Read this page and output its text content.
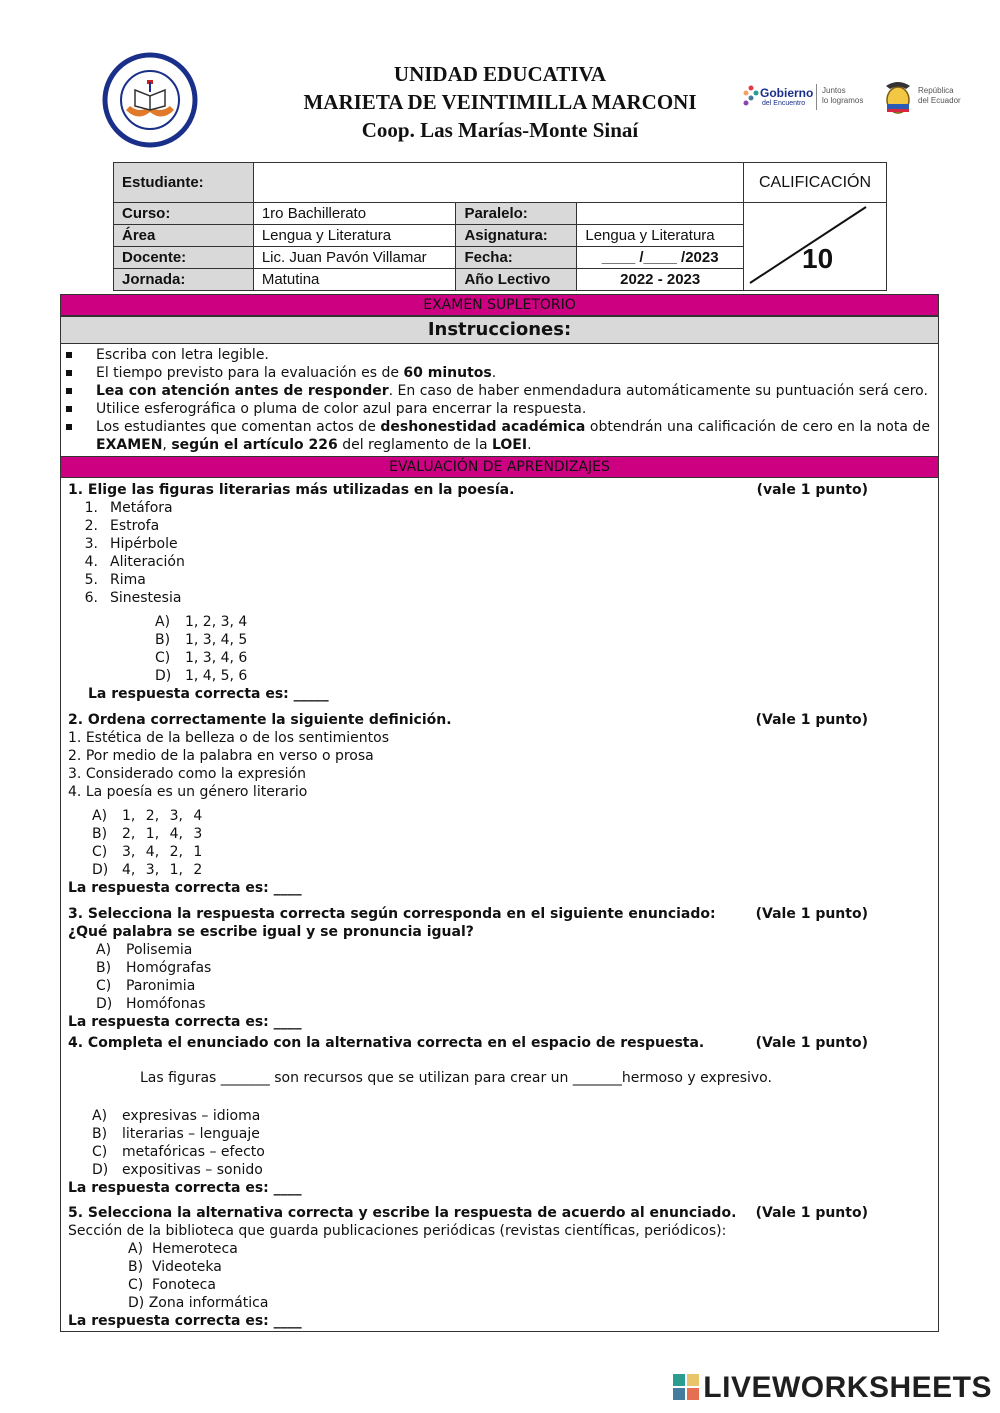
UNIDAD EDUCATIVA
MARIETA DE VEINTIMILLA MARCONI
Coop. Las Marías-Monte Sinaí
Gobierno
del Encuentro
Juntos
lo logramos
República
del Ecuador
Estudiante:				CALIFICACIÓN
Curso:	1ro Bachillerato	Paralelo:		10

Área	Lengua y Literatura	Asignatura:	Lengua y Literatura	
Docente:	Lic. Juan Pavón Villamar	Fecha:	____ /____ /2023	
Jornada:	Matutina	Año Lectivo	2022 - 2023	
EXAMEN SUPLETORIO
Instrucciones:
Escriba con letra legible.
El tiempo previsto para la evaluación es de 60 minutos.
Lea con atención antes de responder. En caso de haber enmendadura automáticamente su puntuación será cero.
Utilice esferográfica o pluma de color azul para encerrar la respuesta.
Los estudiantes que comentan actos de deshonestidad académica obtendrán una calificación de cero en la nota de EXAMEN, según el artículo 226 del reglamento de la LOEI.
EVALUACIÓN DE APRENDIZAJES
1. Elige las figuras literarias más utilizadas en la poesía.	(vale 1 punto)
1. Metáfora
2. Estrofa
3. Hipérbole
4. Aliteración
5. Rima
6. Sinestesia
A) 1, 2, 3, 4
B) 1, 3, 4, 5
C) 1, 3, 4, 6
D) 1, 4, 5, 6
La respuesta correcta es: _____
2. Ordena correctamente la siguiente definición.	(Vale 1 punto)
1. Estética de la belleza o de los sentimientos
2. Por medio de la palabra en verso o prosa
3. Considerado como la expresión
4. La poesía es un género literario
A) 1, 2, 3, 4
B) 2, 1, 4, 3
C) 3, 4, 2, 1
D) 4, 3, 1, 2
La respuesta correcta es: ____
3. Selecciona la respuesta correcta según corresponda en el siguiente enunciado:	(Vale 1 punto)
¿Qué palabra se escribe igual y se pronuncia igual?
A) Polisemia
B) Homógrafas
C) Paronimia
D) Homófonas
La respuesta correcta es: ____
4. Completa el enunciado con la alternativa correcta en el espacio de respuesta.	(Vale 1 punto)
Las figuras _______ son recursos que se utilizan para crear un _______hermoso y expresivo.
A) expresivas – idioma
B) literarias – lenguaje
C) metafóricas – efecto
D) expositivas – sonido
La respuesta correcta es: ____
5. Selecciona la alternativa correcta y escribe la respuesta de acuerdo al enunciado.	(Vale 1 punto)
Sección de la biblioteca que guarda publicaciones periódicas (revistas científicas, periódicos):
A) Hemeroteca
B) Videoteka
C) Fonoteca
D) Zona informática
La respuesta correcta es: ____
LIVEWORKSHEETS
